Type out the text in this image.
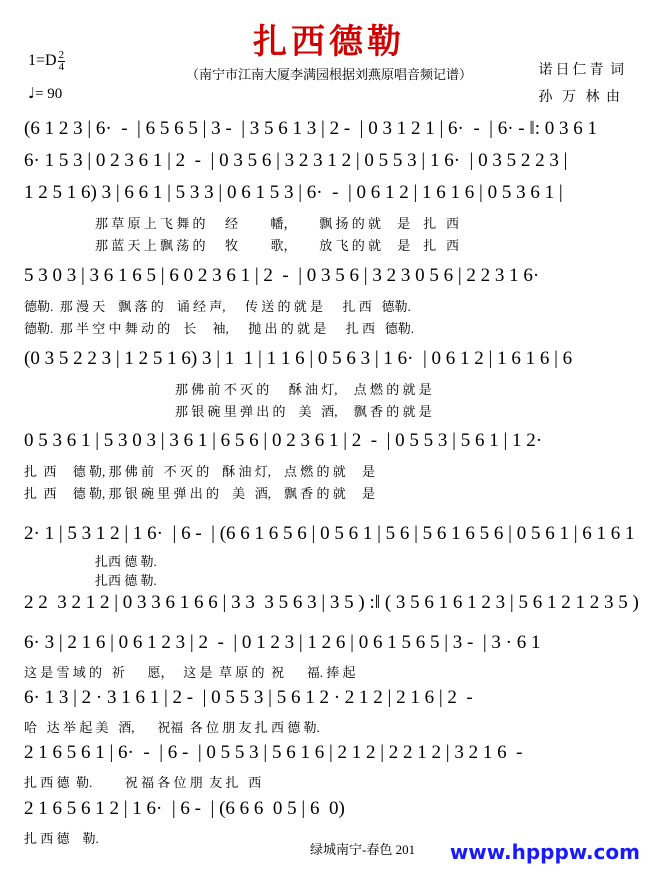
扎西德勒
（南宁市江南大厦李满园根据刘燕原唱音频记谱）
$1=D \frac{2}{4}$
♩= 90
诺日仁青 词
孙 万 林 由
(6 1 2 3 | 6·  -  | 6 5 6 5 | 3 -  | 3 5 6 1 3 | 2 -  | 0 3 1 2 1 | 6·  -  | 6· - ‖: 0 3 6 1
6· 1 5 3 | 0 2 3 6 1 | 2  -  | 0 3 5 6 | 3 2 3 1 2 | 0 5 5 3 | 1 6·  | 0 3 5 2 2 3 |
1 2 5 1 6) 3 | 6 6 1 | 5 3 3 | 0 6 1 5 3 | 6·  -  | 0 6 1 2 | 1 6 1 6 | 0 5 3 6 1 |
那 草 原 上 飞 舞 的      经          幡，       飘 扬 的 就     是    扎   西
那 蓝 天 上 飘 荡 的      牧          歌，       放 飞 的 就     是    扎   西
5 3 0 3 | 3 6 1 6 5 | 6 0 2 3 6 1 | 2  -  | 0 3 5 6 | 3 2 3 0 5 6 | 2 2 3 1 6·
德勒.  那 漫 天    飘 落 的    诵 经 声,      传 送 的 就 是      扎 西   德勒.
德勒.  那 半 空 中 舞 动 的    长     袖,      抛 出 的 就 是      扎 西   德勒.
(0 3 5 2 2 3 | 1 2 5 1 6) 3 | 1  1 | 1 1 6 | 0 5 6 3 | 1 6·  | 0 6 1 2 | 1 6 1 6 | 6
那 佛 前 不 灭 的      酥 油 灯,     点 燃 的 就 是
那 银 碗 里 弹 出 的    美   酒,     飘 香 的 就 是
0 5 3 6 1 | 5 3 0 3 | 3 6 1 | 6 5 6 | 0 2 3 6 1 | 2  -  | 0 5 5 3 | 5 6 1 | 1 2·
扎  西     德 勒, 那 佛 前   不 灭 的    酥 油 灯,    点 燃 的 就     是
扎  西     德 勒, 那 银 碗 里 弹 出 的    美   酒,    飘 香 的 就     是
2· 1 | 5 3 1 2 | 1 6·  | 6 -  | (6 6 1 6 5 6 | 0 5 6 1 | 5 6 | 5 6 1 6 5 6 | 0 5 6 1 | 6 1 6 1
扎西 德 勒.
扎西 德 勒.
2 2  3 2 1 2 | 0 3 3 6 1 6 6 | 3 3  3 5 6 3 | 3 5 ) :‖ ( 3 5 6 1 6 1 2 3 | 5 6 1 2 1 2 3 5 )
6· 3 | 2 1 6 | 0 6 1 2 3 | 2  -  | 0 1 2 3 | 1 2 6 | 0 6 1 5 6 5 | 3 -  | 3 · 6 1
这 是 雪 域 的   祈       愿，   这 是  草 原 的  祝       福. 捧 起
6· 1 3 | 2 · 3 1 6 1 | 2 -  | 0 5 5 3 | 5 6 1 2 · 2 1 2 | 2 1 6 | 2  -
哈   达 举 起 美   酒,       祝福  各 位 朋 友 扎 西 德 勒.
2 1 6 5 6 1 | 6·  -  | 6 -  | 0 5 5 3 | 5 6 1 6 | 2 1 2 | 2 2 1 2 | 3 2 1 6  -
扎 西 德  勒.          祝 福 各 位 朋  友 扎   西
2 1 6 5 6 1 2 | 1 6·  | 6 -  | (6 6 6  0 5 | 6  0)
扎 西 德    勒.
绿城南宁-春色 201 www.hpppw.com
